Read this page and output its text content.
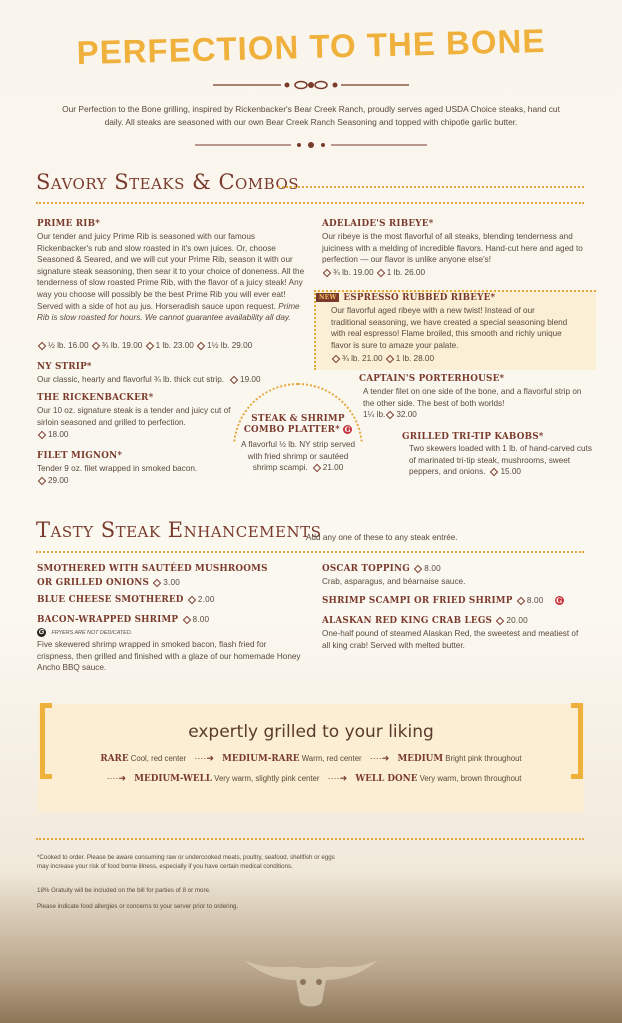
PERFECTION TO THE BONE
Our Perfection to the Bone grilling, inspired by Rickenbacker's Bear Creek Ranch, proudly serves aged USDA Choice steaks, hand cut daily. All steaks are seasoned with our own Bear Creek Ranch Seasoning and topped with chipotle garlic butter.
Savory Steaks & Combos
PRIME RIB*
Our tender and juicy Prime Rib is seasoned with our famous Rickenbacker's rub and slow roasted in it's own juices. Or, choose Seasoned & Seared, and we will cut your Prime Rib, season it with our signature steak seasoning, then sear it to your choice of doneness. All the tenderness of slow roasted Prime Rib, with the flavor of a juicy steak! Any way you choose will possibly be the best Prime Rib you will ever eat! Served with a side of hot au jus. Horseradish sauce upon request. Prime Rib is slow roasted for hours. We cannot guarantee availability all day.
½ lb. 16.00 ¾ lb. 19.00 1 lb. 23.00 1½ lb. 29.00
NY STRIP*
Our classic, hearty and flavorful ¾ lb. thick cut strip. 19.00
THE RICKENBACKER*
Our 10 oz. signature steak is a tender and juicy cut of sirloin seasoned and grilled to perfection.
18.00
FILET MIGNON*
Tender 9 oz. filet wrapped in smoked bacon.
29.00
ADELAIDE'S RIBEYE*
Our ribeye is the most flavorful of all steaks, blending tenderness and juiciness with a melding of incredible flavors. Hand-cut here and aged to perfection — our flavor is unlike anyone else's!
¾ lb. 19.00 1 lb. 26.00
NEW ESPRESSO RUBBED RIBEYE*
Our flavorful aged ribeye with a new twist! Instead of our traditional seasoning, we have created a special seasoning blend with real espresso! Flame broiled, this smooth and richly unique flavor is sure to amaze your palate.
¾ lb. 21.00 1 lb. 28.00
CAPTAIN'S PORTERHOUSE*
A tender filet on one side of the bone, and a flavorful strip on the other side. The best of both worlds!
1¼ lb. 32.00
GRILLED TRI-TIP KABOBS*
Two skewers loaded with 1 lb. of hand-carved cuts of marinated tri-tip steak, mushrooms, sweet peppers, and onions. 15.00
STEAK & SHRIMP
COMBO PLATTER* G
A flavorful ½ lb. NY strip served with fried shrimp or sautéed shrimp scampi. 21.00
Tasty Steak Enhancements
Add any one of these to any steak entrée.
SMOTHERED WITH SAUTÉED MUSHROOMS
OR GRILLED ONIONS 3.00
BLUE CHEESE SMOTHERED 2.00
BACON-WRAPPED SHRIMP 8.00
G FRYERS ARE NOT DEDICATED.
Five skewered shrimp wrapped in smoked bacon, flash fried for crispness, then grilled and finished with a glaze of our homemade Honey Ancho BBQ sauce.
OSCAR TOPPING 8.00
Crab, asparagus, and béarnaise sauce.
SHRIMP SCAMPI OR FRIED SHRIMP 8.00 G
ALASKAN RED KING CRAB LEGS 20.00
One-half pound of steamed Alaskan Red, the sweetest and meatiest of all king crab! Served with melted butter.
expertly grilled to your liking
RARE Cool, red center ····➜ MEDIUM-RARE Warm, red center ····➜ MEDIUM Bright pink throughout
····➜ MEDIUM-WELL Very warm, slightly pink center ····➜ WELL DONE Very warm, brown throughout
*Cooked to order. Please be aware consuming raw or undercooked meats, poultry, seafood, shellfish or eggs may increase your risk of food borne illness, especially if you have certain medical conditions.
18% Gratuity will be included on the bill for parties of 8 or more.
Please indicate food allergies or concerns to your server prior to ordering.
